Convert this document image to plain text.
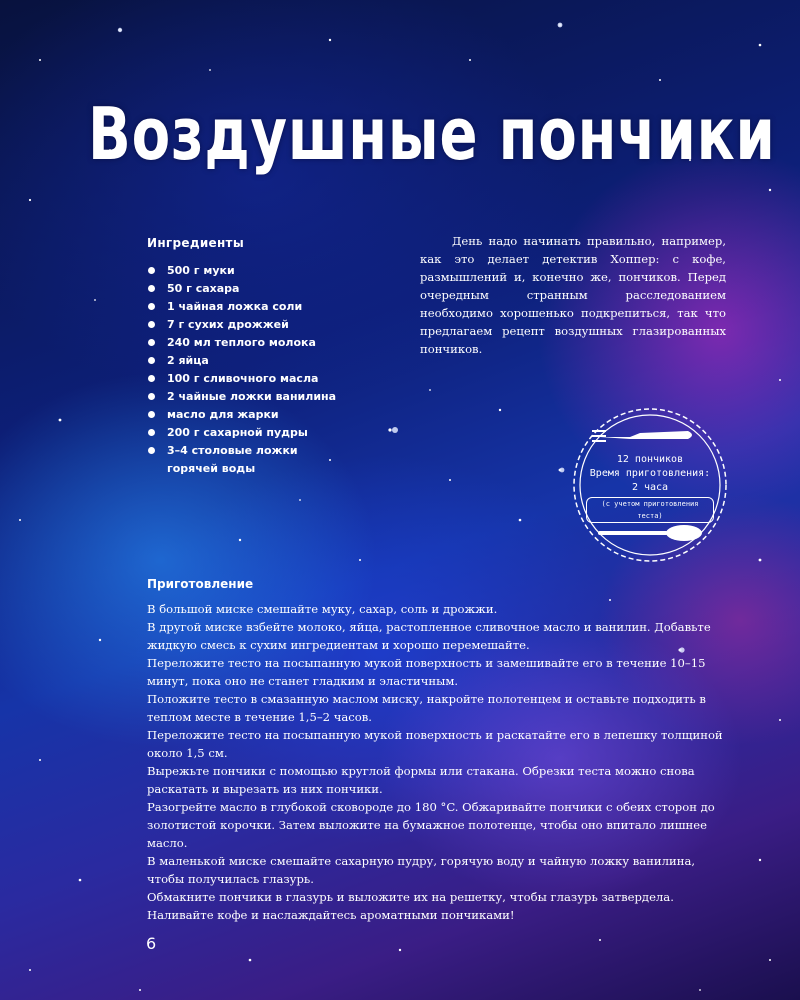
Воздушные пончики
Ингредиенты
500 г муки
50 г сахара
1 чайная ложка соли
7 г сухих дрожжей
240 мл теплого молока
2 яйца
100 г сливочного масла
2 чайные ложки ванилина
масло для жарки
200 г сахарной пудры
3–4 столовые ложки горячей воды
День надо начинать правильно, например, как это делает детектив Хоппер: с кофе, размышлений и, конечно же, пончиков. Перед очередным странным расследованием необходимо хорошенько подкрепиться, так что предлагаем рецепт воздушных глазированных пончиков.
12 пончиков
Время приготовления:
2 часа
(с учетом приготовления теста)
Приготовление

В большой миске смешайте муку, сахар, соль и дрожжи.

В другой миске взбейте молоко, яйца, растопленное сливочное масло и ванилин. Добавьте жидкую смесь к сухим ингредиентам и хорошо перемешайте.

Переложите тесто на посыпанную мукой поверхность и замешивайте его в течение 10–15 минут, пока оно не станет гладким и эластичным.

Положите тесто в смазанную маслом миску, накройте полотенцем и оставьте подходить в теплом месте в течение 1,5–2 часов.

Переложите тесто на посыпанную мукой поверхность и раскатайте его в лепешку толщиной около 1,5 см.

Вырежьте пончики с помощью круглой формы или стакана. Обрезки теста можно снова раскатать и вырезать из них пончики.

Разогрейте масло в глубокой сковороде до 180 °C. Обжаривайте пончики с обеих сторон до золотистой корочки. Затем выложите на бумажное полотенце, чтобы оно впитало лишнее масло.

В маленькой миске смешайте сахарную пудру, горячую воду и чайную ложку ванилина, чтобы получилась глазурь.

Обмакните пончики в глазурь и выложите их на решетку, чтобы глазурь затвердела.

Наливайте кофе и наслаждайтесь ароматными пончиками!

6
